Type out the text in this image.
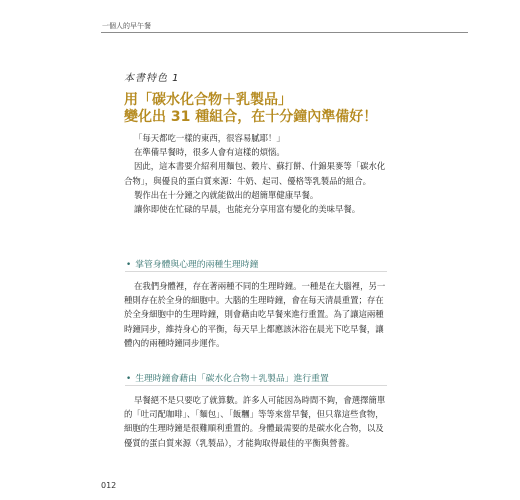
一個人的早午餐
本書特色 1
用「碳水化合物＋乳製品」
變化出 31 種組合，在十分鐘內準備好！

「每天都吃一樣的東西，很容易膩耶！」

在準備早餐時，很多人會有這樣的煩惱。

因此，這本書要介紹利用麵包、穀片、蘇打餅、什錦果麥等「碳水化合物」，與優良的蛋白質來源：牛奶、起司、優格等乳製品的組合。

製作出在十分鐘之內就能做出的超簡單健康早餐。

讓你即使在忙碌的早晨，也能充分享用富有變化的美味早餐。

• 掌管身體與心理的兩種生理時鐘

在我們身體裡，存在著兩種不同的生理時鐘。一種是在大腦裡，另一種則存在於全身的細胞中。大腦的生理時鐘，會在每天清晨重置；存在於全身細胞中的生理時鐘，則會藉由吃早餐來進行重置。為了讓這兩種時鐘同步，維持身心的平衡，每天早上都應該沐浴在晨光下吃早餐，讓體內的兩種時鐘同步運作。

• 生理時鐘會藉由「碳水化合物＋乳製品」進行重置

早餐絕不是只要吃了就算數。許多人可能因為時間不夠，會選擇簡單的「吐司配咖啡」、「麵包」、「飯糰」等等來當早餐，但只靠這些食物，細胞的生理時鐘是很難順利重置的。身體最需要的是碳水化合物，以及優質的蛋白質來源（乳製品），才能夠取得最佳的平衡與營養。

012
